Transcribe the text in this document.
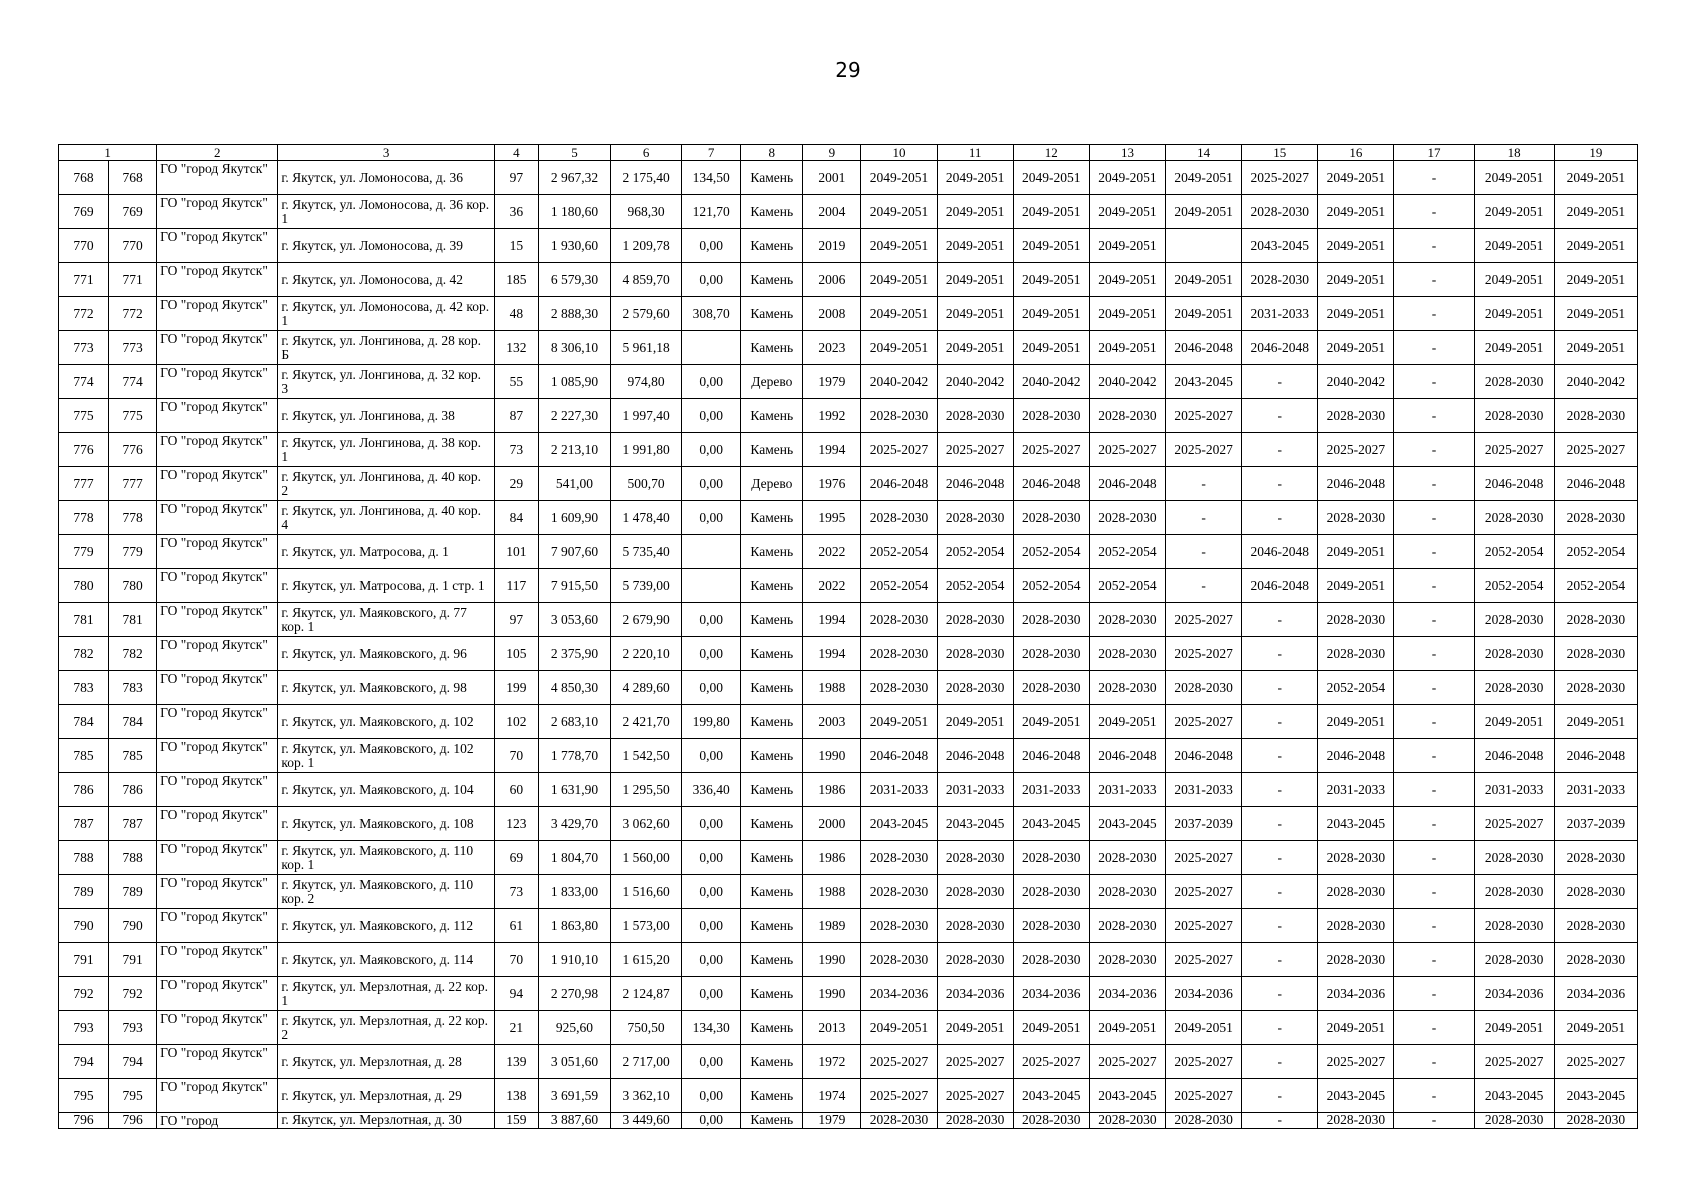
29
1		2	3	4	5	6	7	8	9	10	11	12	13	14	15	16	17	18	19
768	768	ГО "город Якутск"	г. Якутск, ул. Ломоносова, д. 36	97	2 967,32	2 175,40	134,50	Камень	2001	2049-2051	2049-2051	2049-2051	2049-2051	2049-2051	2025-2027	2049-2051	-	2049-2051	2049-2051
769	769	ГО "город Якутск"	г. Якутск, ул. Ломоносова, д. 36 кор. 1	36	1 180,60	968,30	121,70	Камень	2004	2049-2051	2049-2051	2049-2051	2049-2051	2049-2051	2028-2030	2049-2051	-	2049-2051	2049-2051
770	770	ГО "город Якутск"	г. Якутск, ул. Ломоносова, д. 39	15	1 930,60	1 209,78	0,00	Камень	2019	2049-2051	2049-2051	2049-2051	2049-2051		2043-2045	2049-2051	-	2049-2051	2049-2051
771	771	ГО "город Якутск"	г. Якутск, ул. Ломоносова, д. 42	185	6 579,30	4 859,70	0,00	Камень	2006	2049-2051	2049-2051	2049-2051	2049-2051	2049-2051	2028-2030	2049-2051	-	2049-2051	2049-2051
772	772	ГО "город Якутск"	г. Якутск, ул. Ломоносова, д. 42 кор. 1	48	2 888,30	2 579,60	308,70	Камень	2008	2049-2051	2049-2051	2049-2051	2049-2051	2049-2051	2031-2033	2049-2051	-	2049-2051	2049-2051
773	773	ГО "город Якутск"	г. Якутск, ул. Лонгинова, д. 28 кор. Б	132	8 306,10	5 961,18		Камень	2023	2049-2051	2049-2051	2049-2051	2049-2051	2046-2048	2046-2048	2049-2051	-	2049-2051	2049-2051
774	774	ГО "город Якутск"	г. Якутск, ул. Лонгинова, д. 32 кор. 3	55	1 085,90	974,80	0,00	Дерево	1979	2040-2042	2040-2042	2040-2042	2040-2042	2043-2045	-	2040-2042	-	2028-2030	2040-2042
775	775	ГО "город Якутск"	г. Якутск, ул. Лонгинова, д. 38	87	2 227,30	1 997,40	0,00	Камень	1992	2028-2030	2028-2030	2028-2030	2028-2030	2025-2027	-	2028-2030	-	2028-2030	2028-2030
776	776	ГО "город Якутск"	г. Якутск, ул. Лонгинова, д. 38 кор. 1	73	2 213,10	1 991,80	0,00	Камень	1994	2025-2027	2025-2027	2025-2027	2025-2027	2025-2027	-	2025-2027	-	2025-2027	2025-2027
777	777	ГО "город Якутск"	г. Якутск, ул. Лонгинова, д. 40 кор. 2	29	541,00	500,70	0,00	Дерево	1976	2046-2048	2046-2048	2046-2048	2046-2048	-	-	2046-2048	-	2046-2048	2046-2048
778	778	ГО "город Якутск"	г. Якутск, ул. Лонгинова, д. 40 кор. 4	84	1 609,90	1 478,40	0,00	Камень	1995	2028-2030	2028-2030	2028-2030	2028-2030	-	-	2028-2030	-	2028-2030	2028-2030
779	779	ГО "город Якутск"	г. Якутск, ул. Матросова, д. 1	101	7 907,60	5 735,40		Камень	2022	2052-2054	2052-2054	2052-2054	2052-2054	-	2046-2048	2049-2051	-	2052-2054	2052-2054
780	780	ГО "город Якутск"	г. Якутск, ул. Матросова, д. 1 стр. 1	117	7 915,50	5 739,00		Камень	2022	2052-2054	2052-2054	2052-2054	2052-2054	-	2046-2048	2049-2051	-	2052-2054	2052-2054
781	781	ГО "город Якутск"	г. Якутск, ул. Маяковского, д. 77 кор. 1	97	3 053,60	2 679,90	0,00	Камень	1994	2028-2030	2028-2030	2028-2030	2028-2030	2025-2027	-	2028-2030	-	2028-2030	2028-2030
782	782	ГО "город Якутск"	г. Якутск, ул. Маяковского, д. 96	105	2 375,90	2 220,10	0,00	Камень	1994	2028-2030	2028-2030	2028-2030	2028-2030	2025-2027	-	2028-2030	-	2028-2030	2028-2030
783	783	ГО "город Якутск"	г. Якутск, ул. Маяковского, д. 98	199	4 850,30	4 289,60	0,00	Камень	1988	2028-2030	2028-2030	2028-2030	2028-2030	2028-2030	-	2052-2054	-	2028-2030	2028-2030
784	784	ГО "город Якутск"	г. Якутск, ул. Маяковского, д. 102	102	2 683,10	2 421,70	199,80	Камень	2003	2049-2051	2049-2051	2049-2051	2049-2051	2025-2027	-	2049-2051	-	2049-2051	2049-2051
785	785	ГО "город Якутск"	г. Якутск, ул. Маяковского, д. 102 кор. 1	70	1 778,70	1 542,50	0,00	Камень	1990	2046-2048	2046-2048	2046-2048	2046-2048	2046-2048	-	2046-2048	-	2046-2048	2046-2048
786	786	ГО "город Якутск"	г. Якутск, ул. Маяковского, д. 104	60	1 631,90	1 295,50	336,40	Камень	1986	2031-2033	2031-2033	2031-2033	2031-2033	2031-2033	-	2031-2033	-	2031-2033	2031-2033
787	787	ГО "город Якутск"	г. Якутск, ул. Маяковского, д. 108	123	3 429,70	3 062,60	0,00	Камень	2000	2043-2045	2043-2045	2043-2045	2043-2045	2037-2039	-	2043-2045	-	2025-2027	2037-2039
788	788	ГО "город Якутск"	г. Якутск, ул. Маяковского, д. 110 кор. 1	69	1 804,70	1 560,00	0,00	Камень	1986	2028-2030	2028-2030	2028-2030	2028-2030	2025-2027	-	2028-2030	-	2028-2030	2028-2030
789	789	ГО "город Якутск"	г. Якутск, ул. Маяковского, д. 110 кор. 2	73	1 833,00	1 516,60	0,00	Камень	1988	2028-2030	2028-2030	2028-2030	2028-2030	2025-2027	-	2028-2030	-	2028-2030	2028-2030
790	790	ГО "город Якутск"	г. Якутск, ул. Маяковского, д. 112	61	1 863,80	1 573,00	0,00	Камень	1989	2028-2030	2028-2030	2028-2030	2028-2030	2025-2027	-	2028-2030	-	2028-2030	2028-2030
791	791	ГО "город Якутск"	г. Якутск, ул. Маяковского, д. 114	70	1 910,10	1 615,20	0,00	Камень	1990	2028-2030	2028-2030	2028-2030	2028-2030	2025-2027	-	2028-2030	-	2028-2030	2028-2030
792	792	ГО "город Якутск"	г. Якутск, ул. Мерзлотная, д. 22 кор. 1	94	2 270,98	2 124,87	0,00	Камень	1990	2034-2036	2034-2036	2034-2036	2034-2036	2034-2036	-	2034-2036	-	2034-2036	2034-2036
793	793	ГО "город Якутск"	г. Якутск, ул. Мерзлотная, д. 22 кор. 2	21	925,60	750,50	134,30	Камень	2013	2049-2051	2049-2051	2049-2051	2049-2051	2049-2051	-	2049-2051	-	2049-2051	2049-2051
794	794	ГО "город Якутск"	г. Якутск, ул. Мерзлотная, д. 28	139	3 051,60	2 717,00	0,00	Камень	1972	2025-2027	2025-2027	2025-2027	2025-2027	2025-2027	-	2025-2027	-	2025-2027	2025-2027
795	795	ГО "город Якутск"	г. Якутск, ул. Мерзлотная, д. 29	138	3 691,59	3 362,10	0,00	Камень	1974	2025-2027	2025-2027	2043-2045	2043-2045	2025-2027	-	2043-2045	-	2043-2045	2043-2045
796	796	ГО "город	г. Якутск, ул. Мерзлотная, д. 30	159	3 887,60	3 449,60	0,00	Камень	1979	2028-2030	2028-2030	2028-2030	2028-2030	2028-2030	-	2028-2030	-	2028-2030	2028-2030
